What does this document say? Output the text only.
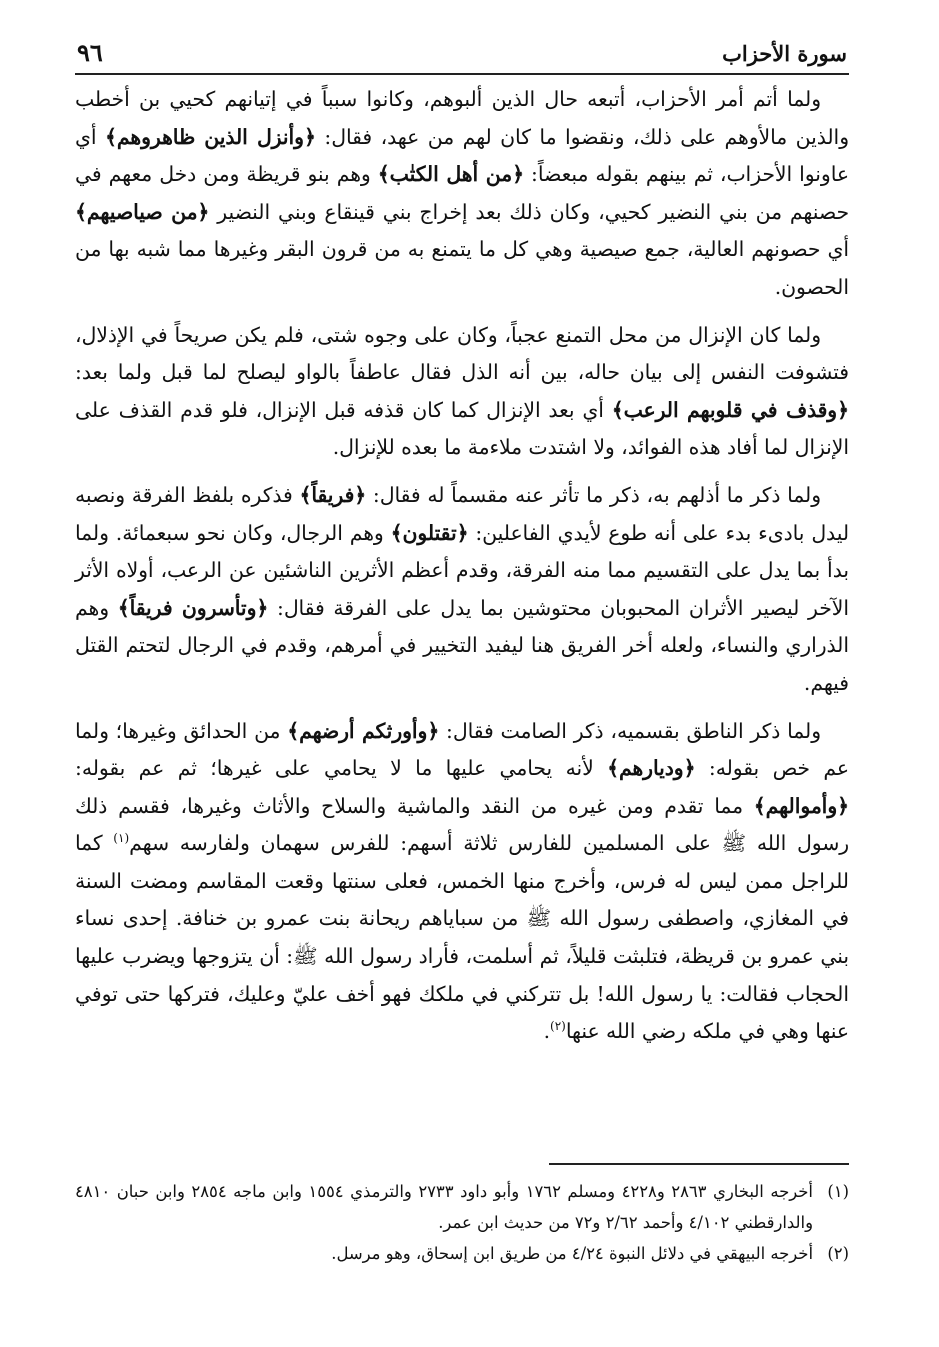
سورة الأحزاب
٩٦

ولما أتم أمر الأحزاب، أتبعه حال الذين ألبوهم، وكانوا سبباً في إتيانهم كحيي بن أخطب والذين مالأوهم على ذلك، ونقضوا ما كان لهم من عهد، فقال: ﴿وأنزل الذين ظاهروهم﴾ أي عاونوا الأحزاب، ثم بينهم بقوله مبعضاً: ﴿من أهل الكتٰب﴾ وهم بنو قريظة ومن دخل معهم في حصنهم من بني النضير كحيي، وكان ذلك بعد إخراج بني قينقاع وبني النضير ﴿من صياصيهم﴾ أي حصونهم العالية، جمع صيصية وهي كل ما يتمنع به من قرون البقر وغيرها مما شبه بها من الحصون.

ولما كان الإنزال من محل التمنع عجباً، وكان على وجوه شتى، فلم يكن صريحاً في الإذلال، فتشوفت النفس إلى بيان حاله، بين أنه الذل فقال عاطفاً بالواو ليصلح لما قبل ولما بعد: ﴿وقذف في قلوبهم الرعب﴾ أي بعد الإنزال كما كان قذفه قبل الإنزال، فلو قدم القذف على الإنزال لما أفاد هذه الفوائد، ولا اشتدت ملاءمة ما بعده للإنزال.

ولما ذكر ما أذلهم به، ذكر ما تأثر عنه مقسماً له فقال: ﴿فريقاً﴾ فذكره بلفظ الفرقة ونصبه ليدل بادىء بدء على أنه طوع لأيدي الفاعلين: ﴿تقتلون﴾ وهم الرجال، وكان نحو سبعمائة. ولما بدأ بما يدل على التقسيم مما منه الفرقة، وقدم أعظم الأثرين الناشئين عن الرعب، أولاه الأثر الآخر ليصير الأثران المحبوبان محتوشين بما يدل على الفرقة فقال: ﴿وتأسرون فريقاً﴾ وهم الذراري والنساء، ولعله أخر الفريق هنا ليفيد التخيير في أمرهم، وقدم في الرجال لتحتم القتل فيهم.

ولما ذكر الناطق بقسميه، ذكر الصامت فقال: ﴿وأورثكم أرضهم﴾ من الحدائق وغيرها؛ ولما عم خص بقوله: ﴿وديارهم﴾ لأنه يحامي عليها ما لا يحامي على غيرها؛ ثم عم بقوله: ﴿وأموالهم﴾ مما تقدم ومن غيره من النقد والماشية والسلاح والأثاث وغيرها، فقسم ذلك رسول الله ﷺ على المسلمين للفارس ثلاثة أسهم: للفرس سهمان ولفارسه سهم$^{(١)}$ كما للراجل ممن ليس له فرس، وأخرج منها الخمس، فعلى سنتها وقعت المقاسم ومضت السنة في المغازي، واصطفى رسول الله ﷺ من سباياهم ريحانة بنت عمرو بن خنافة. إحدى نساء بني عمرو بن قريظة، فتلبثت قليلاً، ثم أسلمت، فأراد رسول الله ﷺ: أن يتزوجها ويضرب عليها الحجاب فقالت: يا رسول الله! بل تتركني في ملكك فهو أخف عليّ وعليك، فتركها حتى توفي عنها وهي في ملكه رضي الله عنها$^{(٢)}$.

(١)
أخرجه البخاري ٢٨٦٣ و٤٢٢٨ ومسلم ١٧٦٢ وأبو داود ٢٧٣٣ والترمذي ١٥٥٤ وابن ماجه ٢٨٥٤ وابن حبان ٤٨١٠ والدارقطني ٤/١٠٢ وأحمد ٢/٦٢ و٧٢ من حديث ابن عمر.
(٢)
أخرجه البيهقي في دلائل النبوة ٤/٢٤ من طريق ابن إسحاق، وهو مرسل.
